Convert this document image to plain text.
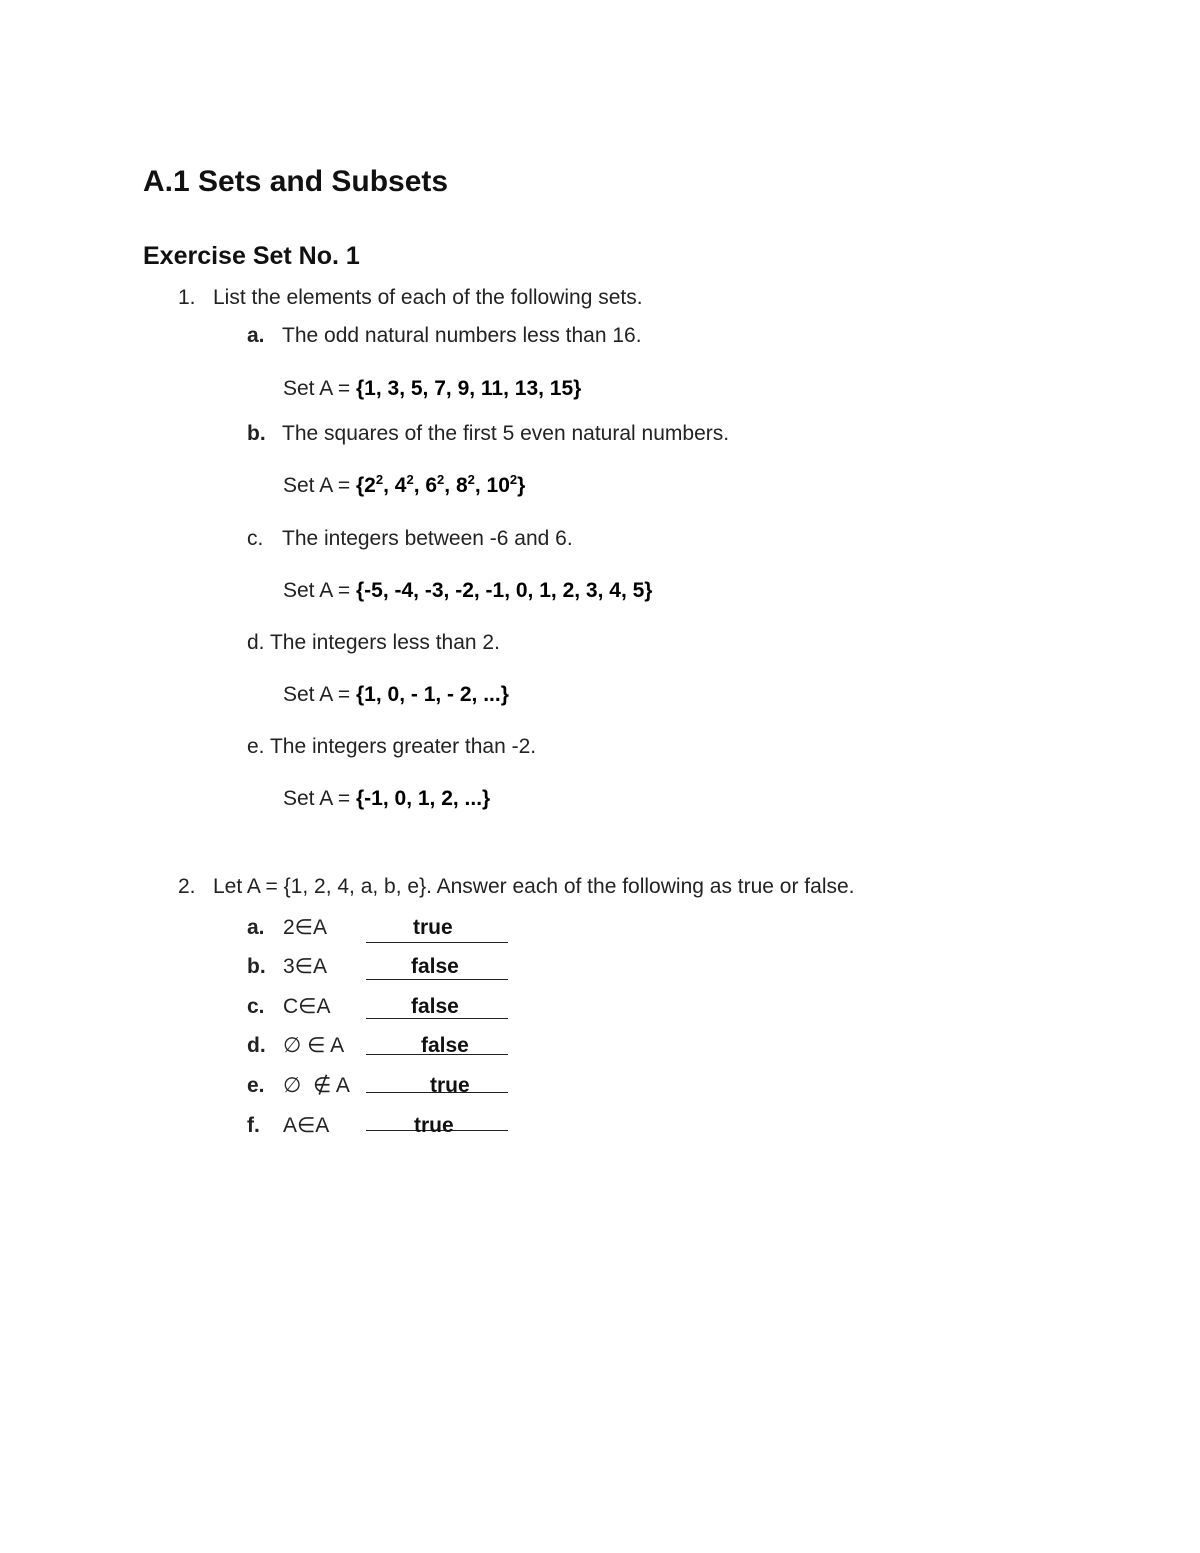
A.1 Sets and Subsets
Exercise Set No. 1
1. List the elements of each of the following sets.
a. The odd natural numbers less than 16.
Set A = {1, 3, 5, 7, 9, 11, 13, 15}
b. The squares of the first 5 even natural numbers.
Set $A = \{2^2$, $4^2$, $6^2$, $8^2$, $10^2$}
c. The integers between -6 and 6.
Set A = {-5, -4, -3, -2, -1, 0, 1, 2, 3, 4, 5}
d. The integers less than 2.
Set A = {1, 0, - 1, - 2, ...}
e. The integers greater than -2.
Set A = {-1, 0, 1, 2, ...}
2. Let A = {1, 2, 4, a, b, e}. Answer each of the following as true or false.
a. 2∈A	true
b. 3∈A	false
c. C∈A	false
d. ∅ ∈ A	false
e. ∅  ∉ A	true
f. A∈A	true
